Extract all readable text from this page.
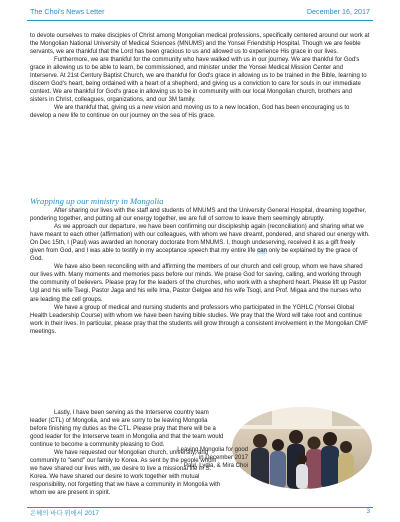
The Choi's News Letter	December 16, 2017

to devote ourselves to make disciples of Christ among Mongolian medical professions, specifically centered around our work at the Mongolian National University of Medical Sciences (MNUMS) and the Yonsei Friendship Hospital. Though we are feeble servants, we are thankful that the Lord has been gracious to us and allowed us to experience His grace in our lives.

Furthermore, we are thankful for the community who have walked with us in our journey. We are thankful for God's grace in allowing us to be able to learn, be commissioned, and minister under the Yonsei Medical Mission Center and Interserve. At 21st Century Baptist Church, we are thankful for God's grace in allowing us to be trained in the Bible, learning to discern God's heart, being ordained with a heart of a shepherd, and giving us a conviction to care for souls in our immediate context. We are thankful for God's grace in allowing us to be in community with our local Mongolian church, brothers and sisters in Christ, colleagues, organizations, and our 3M family.

We are thankful that, giving us a new vision and moving us to a new location, God has been encouraging us to develop a new life to continue on our journey on the sea of His grace.

Wrapping up our ministry in Mongolia

After sharing our lives with the staff and students of MNUMS and the University General Hospital, dreaming together, pondering together, and putting all our energy together, we are full of sorrow to leave them seemingly abruptly.

As we approach our departure, we have been confirming our discipleship again (reconciliation) and sharing what we have meant to each other (affirmation) with our colleagues, with whom we have dreamt, pondered, and shared our energy with. On Dec 15th, I (Paul) was awarded an honorary doctorate from MNUMS. I, though undeserving, received it as a gift freely given from God, and I was able to testify in my acceptance speech that my entire life can only be explained by the grace of God.

We have also been reconciling with and affirming the members of our church and cell group, whom we have shared our lives with. Many moments and memories pass before our minds. We praise God for saving, calling, and working through the community of believers. Please pray for the leaders of the churches, who work with a shepherd heart. Please lift up Pastor Ugl and his wife Tsegi, Pastor Jaga and his wife Ima, Pastor Gelgee and his wife Tsogi, and Prof. Migaa and the nurses who are leading the cell groups.

We have a group of medical and nursing students and professors who participated in the YGHLC (Yonsei Global Health Leadership Course) with whom we have been having bible studies. We pray that the Word will take root and continue work in their lives. In particular, please pray that the students will grow through a consistent involvement in the Mongolian CMF meetings.

Lastly, I have been serving as the Interserve country team leader (CTL) of Mongolia, and we are sorry to be leaving Mongolia before finishing my duties as the CTL. Please pray that there will be a good leader for the Interserve team in Mongolia and that the team would continue to become a community pleasing to God.

We have requested our Mongolian church, university, and community to "send" our family to Korea. As sent by the people whom we have shared our lives with, we desire to live a missional life in S. Korea. We have shared our desire to work together with mutual responsibility, not forgetting that we have a community in Mongolia with whom we are present in spirit.

Leaving Mongolia for good
in December 2017
Paul, Lydia, & Mira Choi
은혜의 바다 위에서 2017	3
